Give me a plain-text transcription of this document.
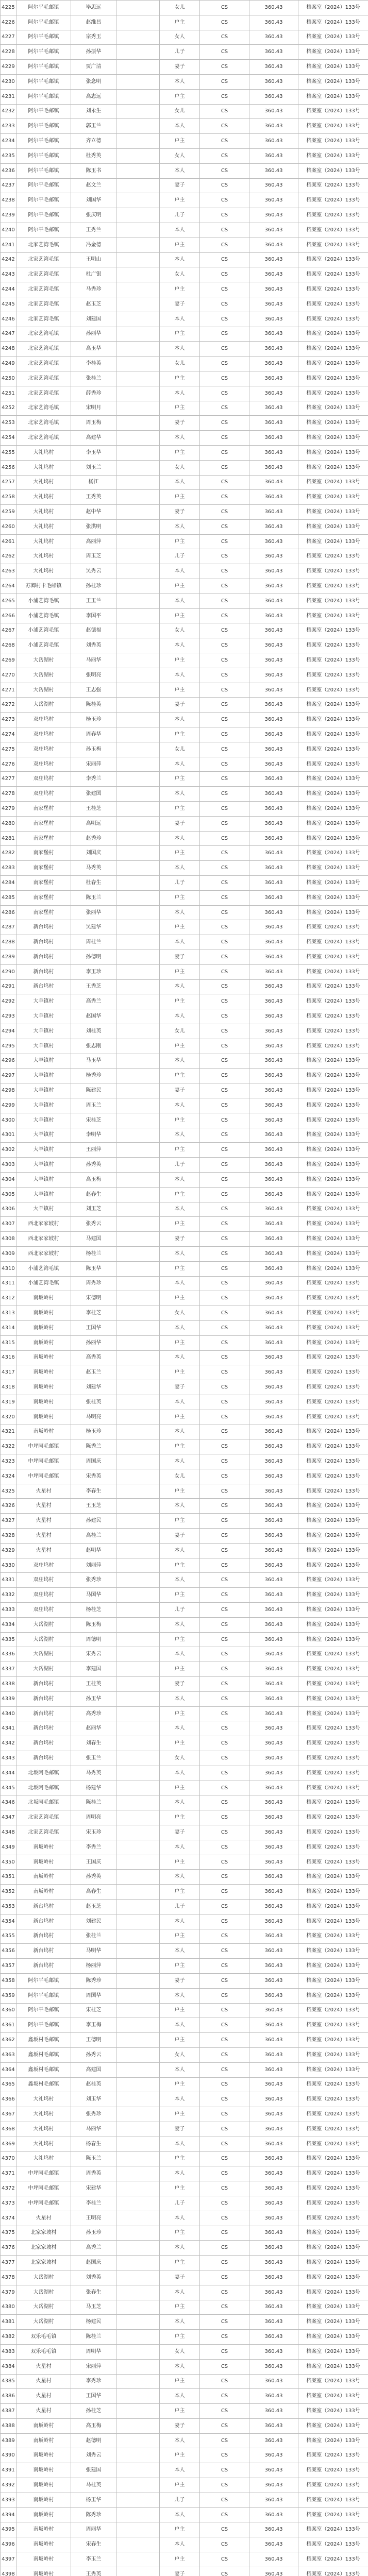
4225	阿尔平毛邮镇	毕思远		女儿	CS	360.43	档案室（2024）133号
4226	阿尔平毛邮镇	赵维昌		户主	CS	360.43	档案室（2024）133号
4227	阿尔平毛邮镇	宗秀玉		女人	CS	360.43	档案室（2024）133号
4228	阿尔平毛邮镇	孙振华		儿子	CS	360.43	档案室（2024）133号
4229	阿尔平毛邮镇	贾广清		妻子	CS	360.43	档案室（2024）133号
4230	阿尔平毛邮镇	张念明		本人	CS	360.43	档案室（2024）133号
4231	阿尔平毛邮镇	高志远		户主	CS	360.43	档案室（2024）133号
4232	阿尔平毛邮镇	刘永生		女儿	CS	360.43	档案室（2024）133号
4233	阿尔平毛邮镇	郭玉兰		本人	CS	360.43	档案室（2024）133号
4234	阿尔平毛邮镇	齐立德		户主	CS	360.43	档案室（2024）133号
4235	阿尔平毛邮镇	杜秀英		女人	CS	360.43	档案室（2024）133号
4236	阿尔平毛邮镇	陈玉书		本人	CS	360.43	档案室（2024）133号
4237	阿尔平毛邮镇	赵文兰		妻子	CS	360.43	档案室（2024）133号
4238	阿尔平毛邮镇	刘国华		户主	CS	360.43	档案室（2024）133号
4239	阿尔平毛邮镇	张庆明		儿子	CS	360.43	档案室（2024）133号
4240	阿尔平毛邮镇	王秀兰		本人	CS	360.43	档案室（2024）133号
4241	北家艺湾毛镇	冯金德		户主	CS	360.43	档案室（2024）133号
4242	北家艺湾毛镇	王明山		本人	CS	360.43	档案室（2024）133号
4243	北家艺湾毛镇	杜广银		女人	CS	360.43	档案室（2024）133号
4244	北家艺湾毛镇	马秀珍		户主	CS	360.43	档案室（2024）133号
4245	北家艺湾毛镇	赵玉芝		妻子	CS	360.43	档案室（2024）133号
4246	北家艺湾毛镇	刘建国		本人	CS	360.43	档案室（2024）133号
4247	北家艺湾毛镇	孙丽华		户主	CS	360.43	档案室（2024）133号
4248	北家艺湾毛镇	高玉华		本人	CS	360.43	档案室（2024）133号
4249	北家艺湾毛镇	李桂英		女儿	CS	360.43	档案室（2024）133号
4250	北家艺湾毛镇	张桂兰		户主	CS	360.43	档案室（2024）133号
4251	北家艺湾毛镇	薛秀珍		本人	CS	360.43	档案室（2024）133号
4252	北家艺湾毛镇	宋明月		户主	CS	360.43	档案室（2024）133号
4253	北家艺湾毛镇	周玉梅		妻子	CS	360.43	档案室（2024）133号
4254	北家艺湾毛镇	高建华		本人	CS	360.43	档案室（2024）133号
4255	大礼坞村	李玉华		户主	CS	360.43	档案室（2024）133号
4256	大礼坞村	刘玉兰		女人	CS	360.43	档案室（2024）133号
4257	大礼坞村	杨江		本人	CS	360.43	档案室（2024）133号
4258	大礼坞村	王秀英		户主	CS	360.43	档案室（2024）133号
4259	大礼坞村	赵中华		妻子	CS	360.43	档案室（2024）133号
4260	大礼坞村	张洪明		本人	CS	360.43	档案室（2024）133号
4261	大礼坞村	高丽萍		户主	CS	360.43	档案室（2024）133号
4262	大礼坞村	周玉芝		儿子	CS	360.43	档案室（2024）133号
4263	大礼坞村	吴秀云		本人	CS	360.43	档案室（2024）133号
4264	苏卿村卡毛邮镇	孙桂珍		户主	CS	360.43	档案室（2024）133号
4265	小浦艺湾毛镇	王玉兰		本人	CS	360.43	档案室（2024）133号
4266	小浦艺湾毛镇	李国平		户主	CS	360.43	档案室（2024）133号
4267	小浦艺湾毛镇	赵德福		女人	CS	360.43	档案室（2024）133号
4268	小浦艺湾毛镇	刘秀英		本人	CS	360.43	档案室（2024）133号
4269	大岳湖村	马丽华		户主	CS	360.43	档案室（2024）133号
4270	大岳湖村	张明亮		本人	CS	360.43	档案室（2024）133号
4271	大岳湖村	王志强		户主	CS	360.43	档案室（2024）133号
4272	大岳湖村	陈桂英		妻子	CS	360.43	档案室（2024）133号
4273	双庄坞村	杨玉珍		本人	CS	360.43	档案室（2024）133号
4274	双庄坞村	周春华		户主	CS	360.43	档案室（2024）133号
4275	双庄坞村	孙玉梅		女儿	CS	360.43	档案室（2024）133号
4276	双庄坞村	宋丽萍		本人	CS	360.43	档案室（2024）133号
4277	双庄坞村	李秀兰		户主	CS	360.43	档案室（2024）133号
4278	双庄坞村	张建国		本人	CS	360.43	档案室（2024）133号
4279	南家堡村	王桂芝		户主	CS	360.43	档案室（2024）133号
4280	南家堡村	高明远		妻子	CS	360.43	档案室（2024）133号
4281	南家堡村	赵秀珍		本人	CS	360.43	档案室（2024）133号
4282	南家堡村	刘国庆		户主	CS	360.43	档案室（2024）133号
4283	南家堡村	马秀英		本人	CS	360.43	档案室（2024）133号
4284	南家堡村	杜春生		儿子	CS	360.43	档案室（2024）133号
4285	南家堡村	陈玉兰		户主	CS	360.43	档案室（2024）133号
4286	南家堡村	张丽华		本人	CS	360.43	档案室（2024）133号
4287	新台坞村	吴建华		户主	CS	360.43	档案室（2024）133号
4288	新台坞村	周桂兰		本人	CS	360.43	档案室（2024）133号
4289	新台坞村	孙德明		妻子	CS	360.43	档案室（2024）133号
4290	新台坞村	李玉珍		户主	CS	360.43	档案室（2024）133号
4291	新台坞村	王秀芝		本人	CS	360.43	档案室（2024）133号
4292	大羊镇村	高秀兰		户主	CS	360.43	档案室（2024）133号
4293	大羊镇村	赵国华		本人	CS	360.43	档案室（2024）133号
4294	大羊镇村	刘桂英		女儿	CS	360.43	档案室（2024）133号
4295	大羊镇村	张志刚		户主	CS	360.43	档案室（2024）133号
4296	大羊镇村	马玉华		本人	CS	360.43	档案室（2024）133号
4297	大羊镇村	杨秀珍		户主	CS	360.43	档案室（2024）133号
4298	大羊镇村	陈建民		妻子	CS	360.43	档案室（2024）133号
4299	大羊镇村	周玉兰		本人	CS	360.43	档案室（2024）133号
4300	大羊镇村	宋桂芝		户主	CS	360.43	档案室（2024）133号
4301	大羊镇村	李明华		本人	CS	360.43	档案室（2024）133号
4302	大羊镇村	王丽萍		户主	CS	360.43	档案室（2024）133号
4303	大羊镇村	孙秀英		儿子	CS	360.43	档案室（2024）133号
4304	大羊镇村	高玉梅		本人	CS	360.43	档案室（2024）133号
4305	大羊镇村	赵春生		户主	CS	360.43	档案室（2024）133号
4306	大羊镇村	刘玉芝		本人	CS	360.43	档案室（2024）133号
4307	西北家家坡村	张秀云		户主	CS	360.43	档案室（2024）133号
4308	西北家家坡村	马建国		妻子	CS	360.43	档案室（2024）133号
4309	西北家家坡村	杨桂兰		本人	CS	360.43	档案室（2024）133号
4310	小浦艺湾毛镇	陈玉华		户主	CS	360.43	档案室（2024）133号
4311	小浦艺湾毛镇	周秀珍		本人	CS	360.43	档案室（2024）133号
4312	南坂岭村	宋德明		户主	CS	360.43	档案室（2024）133号
4313	南坂岭村	李桂芝		女人	CS	360.43	档案室（2024）133号
4314	南坂岭村	王国华		本人	CS	360.43	档案室（2024）133号
4315	南坂岭村	孙丽华		户主	CS	360.43	档案室（2024）133号
4316	南坂岭村	高秀英		本人	CS	360.43	档案室（2024）133号
4317	南坂岭村	赵玉兰		户主	CS	360.43	档案室（2024）133号
4318	南坂岭村	刘建华		妻子	CS	360.43	档案室（2024）133号
4319	南坂岭村	张桂英		本人	CS	360.43	档案室（2024）133号
4320	南坂岭村	马明亮		户主	CS	360.43	档案室（2024）133号
4321	南坂岭村	杨玉珍		本人	CS	360.43	档案室（2024）133号
4322	中坪阿毛邮镇	陈秀兰		户主	CS	360.43	档案室（2024）133号
4323	中坪阿毛邮镇	周国庆		本人	CS	360.43	档案室（2024）133号
4324	中坪阿毛邮镇	宋秀英		女儿	CS	360.43	档案室（2024）133号
4325	火星村	李春生		户主	CS	360.43	档案室（2024）133号
4326	火星村	王玉芝		本人	CS	360.43	档案室（2024）133号
4327	火星村	孙建民		户主	CS	360.43	档案室（2024）133号
4328	火星村	高桂兰		妻子	CS	360.43	档案室（2024）133号
4329	火星村	赵明华		本人	CS	360.43	档案室（2024）133号
4330	双庄坞村	刘丽萍		户主	CS	360.43	档案室（2024）133号
4331	双庄坞村	张秀珍		本人	CS	360.43	档案室（2024）133号
4332	双庄坞村	马国华		户主	CS	360.43	档案室（2024）133号
4333	双庄坞村	杨桂芝		儿子	CS	360.43	档案室（2024）133号
4334	大岳湖村	陈玉梅		本人	CS	360.43	档案室（2024）133号
4335	大岳湖村	周德明		户主	CS	360.43	档案室（2024）133号
4336	大岳湖村	宋秀云		本人	CS	360.43	档案室（2024）133号
4337	大岳湖村	李建国		户主	CS	360.43	档案室（2024）133号
4338	新台坞村	王桂英		妻子	CS	360.43	档案室（2024）133号
4339	新台坞村	孙玉华		本人	CS	360.43	档案室（2024）133号
4340	新台坞村	高秀珍		户主	CS	360.43	档案室（2024）133号
4341	新台坞村	赵丽华		本人	CS	360.43	档案室（2024）133号
4342	新台坞村	刘春生		户主	CS	360.43	档案室（2024）133号
4343	新台坞村	张玉兰		女人	CS	360.43	档案室（2024）133号
4344	北坂阿毛邮镇	马秀英		本人	CS	360.43	档案室（2024）133号
4345	北坂阿毛邮镇	杨建华		户主	CS	360.43	档案室（2024）133号
4346	北坂阿毛邮镇	陈桂兰		本人	CS	360.43	档案室（2024）133号
4347	北家艺湾毛镇	周明亮		户主	CS	360.43	档案室（2024）133号
4348	北家艺湾毛镇	宋玉珍		妻子	CS	360.43	档案室（2024）133号
4349	南坂岭村	李秀兰		本人	CS	360.43	档案室（2024）133号
4350	南坂岭村	王国庆		户主	CS	360.43	档案室（2024）133号
4351	南坂岭村	孙秀英		本人	CS	360.43	档案室（2024）133号
4352	南坂岭村	高春生		户主	CS	360.43	档案室（2024）133号
4353	新台坞村	赵玉芝		儿子	CS	360.43	档案室（2024）133号
4354	新台坞村	刘建民		本人	CS	360.43	档案室（2024）133号
4355	新台坞村	张桂兰		户主	CS	360.43	档案室（2024）133号
4356	新台坞村	马明华		本人	CS	360.43	档案室（2024）133号
4357	新台坞村	杨丽萍		户主	CS	360.43	档案室（2024）133号
4358	阿尔平毛邮镇	陈秀珍		妻子	CS	360.43	档案室（2024）133号
4359	阿尔平毛邮镇	周国华		本人	CS	360.43	档案室（2024）133号
4360	阿尔平毛邮镇	宋桂芝		户主	CS	360.43	档案室（2024）133号
4361	阿尔平毛邮镇	李玉梅		本人	CS	360.43	档案室（2024）133号
4362	鑫坂村毛邮镇	王德明		户主	CS	360.43	档案室（2024）133号
4363	鑫坂村毛邮镇	孙秀云		女人	CS	360.43	档案室（2024）133号
4364	鑫坂村毛邮镇	高建国		本人	CS	360.43	档案室（2024）133号
4365	鑫坂村毛邮镇	赵桂英		户主	CS	360.43	档案室（2024）133号
4366	大礼坞村	刘玉华		本人	CS	360.43	档案室（2024）133号
4367	大礼坞村	张秀珍		户主	CS	360.43	档案室（2024）133号
4368	大礼坞村	马丽华		妻子	CS	360.43	档案室（2024）133号
4369	大礼坞村	杨春生		本人	CS	360.43	档案室（2024）133号
4370	大礼坞村	陈玉兰		户主	CS	360.43	档案室（2024）133号
4371	中坪阿毛邮镇	周秀英		本人	CS	360.43	档案室（2024）133号
4372	中坪阿毛邮镇	宋建华		户主	CS	360.43	档案室（2024）133号
4373	中坪阿毛邮镇	李桂兰		儿子	CS	360.43	档案室（2024）133号
4374	火星村	王明亮		本人	CS	360.43	档案室（2024）133号
4375	北家家坡村	孙玉珍		户主	CS	360.43	档案室（2024）133号
4376	北家家坡村	高秀兰		本人	CS	360.43	档案室（2024）133号
4377	北家家坡村	赵国庆		户主	CS	360.43	档案室（2024）133号
4378	大岳湖村	刘秀英		妻子	CS	360.43	档案室（2024）133号
4379	大岳湖村	张春生		本人	CS	360.43	档案室（2024）133号
4380	大岳湖村	马玉芝		户主	CS	360.43	档案室（2024）133号
4381	大岳湖村	杨建民		本人	CS	360.43	档案室（2024）133号
4382	双乐毛毛镇	陈桂兰		户主	CS	360.43	档案室（2024）133号
4383	双乐毛毛镇	周明华		女人	CS	360.43	档案室（2024）133号
4384	火星村	宋丽萍		本人	CS	360.43	档案室（2024）133号
4385	火星村	李秀珍		户主	CS	360.43	档案室（2024）133号
4386	火星村	王国华		本人	CS	360.43	档案室（2024）133号
4387	火星村	孙桂芝		户主	CS	360.43	档案室（2024）133号
4388	南坂岭村	高玉梅		妻子	CS	360.43	档案室（2024）133号
4389	南坂岭村	赵德明		本人	CS	360.43	档案室（2024）133号
4390	南坂岭村	刘秀云		户主	CS	360.43	档案室（2024）133号
4391	南坂岭村	张建国		本人	CS	360.43	档案室（2024）133号
4392	南坂岭村	马桂英		户主	CS	360.43	档案室（2024）133号
4393	南坂岭村	杨玉华		儿子	CS	360.43	档案室（2024）133号
4394	南坂岭村	陈秀珍		本人	CS	360.43	档案室（2024）133号
4395	南坂岭村	周丽华		户主	CS	360.43	档案室（2024）133号
4396	南坂岭村	宋春生		本人	CS	360.43	档案室（2024）133号
4397	南坂岭村	李玉兰		户主	CS	360.43	档案室（2024）133号
4398	南坂岭村	王秀英		妻子	CS	360.43	档案室（2024）133号
